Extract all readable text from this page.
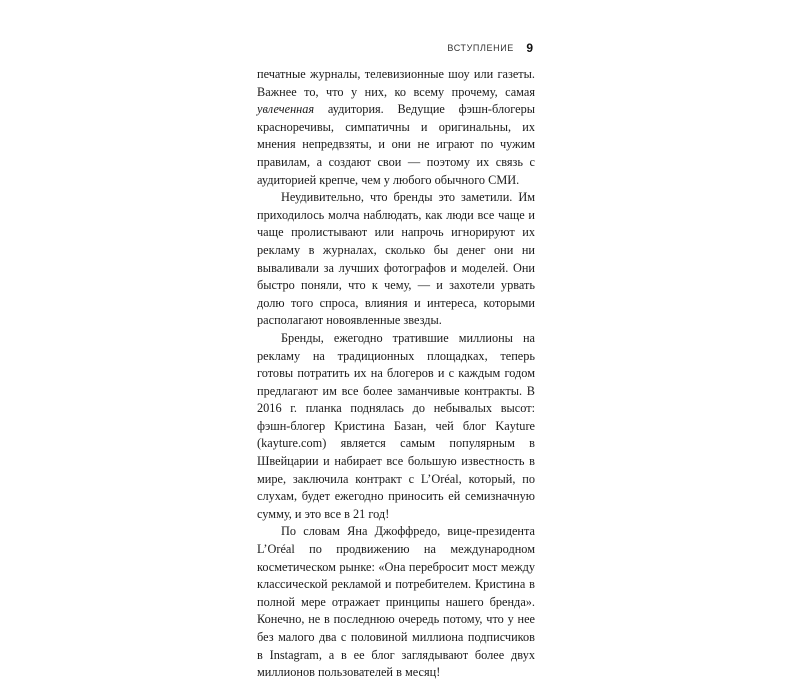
ВСТУПЛЕНИЕ 9

печатные журналы, телевизионные шоу или газеты. Важнее то, что у них, ко всему прочему, самая увлеченная аудитория. Ведущие фэшн-блогеры красноречивы, симпатичны и оригинальны, их мнения непредвзяты, и они не играют по чужим правилам, а создают свои — поэтому их связь с аудиторией крепче, чем у любого обычного СМИ.

Неудивительно, что бренды это заметили. Им приходилось молча наблюдать, как люди все чаще и чаще пролистывают или напрочь игнорируют их рекламу в журналах, сколько бы денег они ни вываливали за лучших фотографов и моделей. Они быстро поняли, что к чему, — и захотели урвать долю того спроса, влияния и интереса, которыми располагают новоявленные звезды.

Бренды, ежегодно тратившие миллионы на рекламу на традиционных площадках, теперь готовы потратить их на блогеров и с каждым годом предлагают им все более заманчивые контракты. В 2016 г. планка поднялась до небывалых высот: фэшн-блогер Кристина Базан, чей блог Kayture (kayture.com) является самым популярным в Швейцарии и набирает все большую известность в мире, заключила контракт с L’Oréal, который, по слухам, будет ежегодно приносить ей семизначную сумму, и это все в 21 год!

По словам Яна Джоффредо, вице-президента L’Oréal по продвижению на международном косметическом рынке: «Она перебросит мост между классической рекламой и потребителем. Кристина в полной мере отражает принципы нашего бренда». Конечно, не в последнюю очередь потому, что у нее без малого два с половиной миллиона подписчиков в Instagram, а в ее блог заглядывают более двух миллионов пользователей в месяц!
